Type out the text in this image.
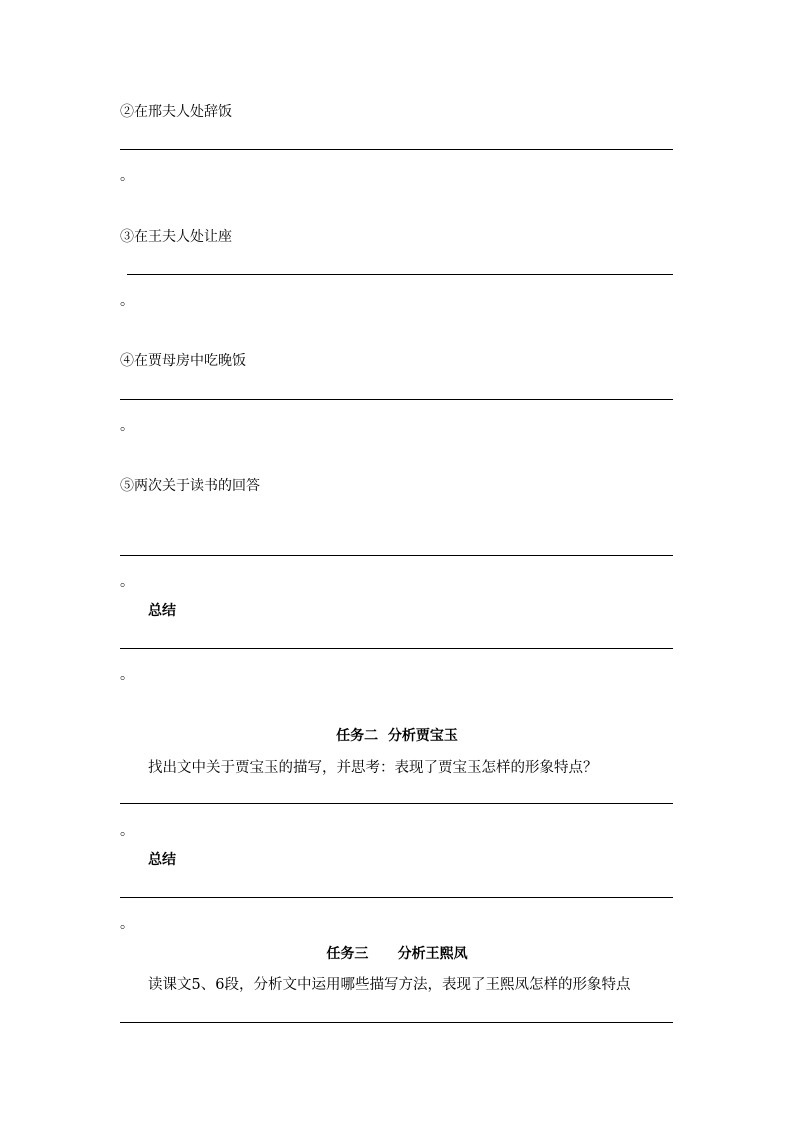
②在邢夫人处辞饭
。
③在王夫人处让座
。
④在贾母房中吃晚饭
。
⑤两次关于读书的回答
。
总结
。
任务二  分析贾宝玉
找出文中关于贾宝玉的描写，并思考：表现了贾宝玉怎样的形象特点？
。
总结
。
任务三      分析王熙凤
读课文5、6段，分析文中运用哪些描写方法，表现了王熙凤怎样的形象特点
